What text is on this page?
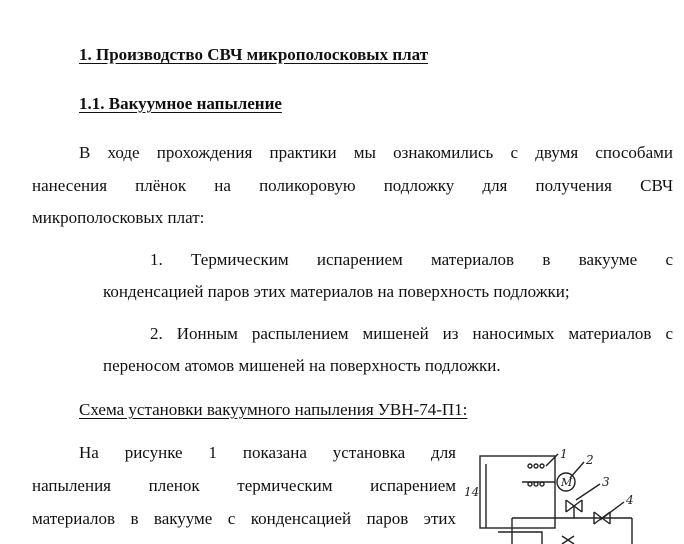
1. Производство СВЧ микрополосковых плат
1.1. Вакуумное напыление
В ходе прохождения практики мы ознакомились с двумя способами
нанесения плёнок на поликоровую подложку для получения СВЧ
микрополосковых плат:
1. Термическим испарением материалов в вакууме с
конденсацией паров этих материалов на поверхность подложки;
2. Ионным распылением мишеней из наносимых материалов с
переносом атомов мишеней на поверхность подложки.
Схема установки вакуумного напыления УВН-74-П1:
На рисунке 1 показана установка для
напыления пленок термическим испарением
материалов в вакууме с конденсацией паров этих
1 2
3
4
14
M
